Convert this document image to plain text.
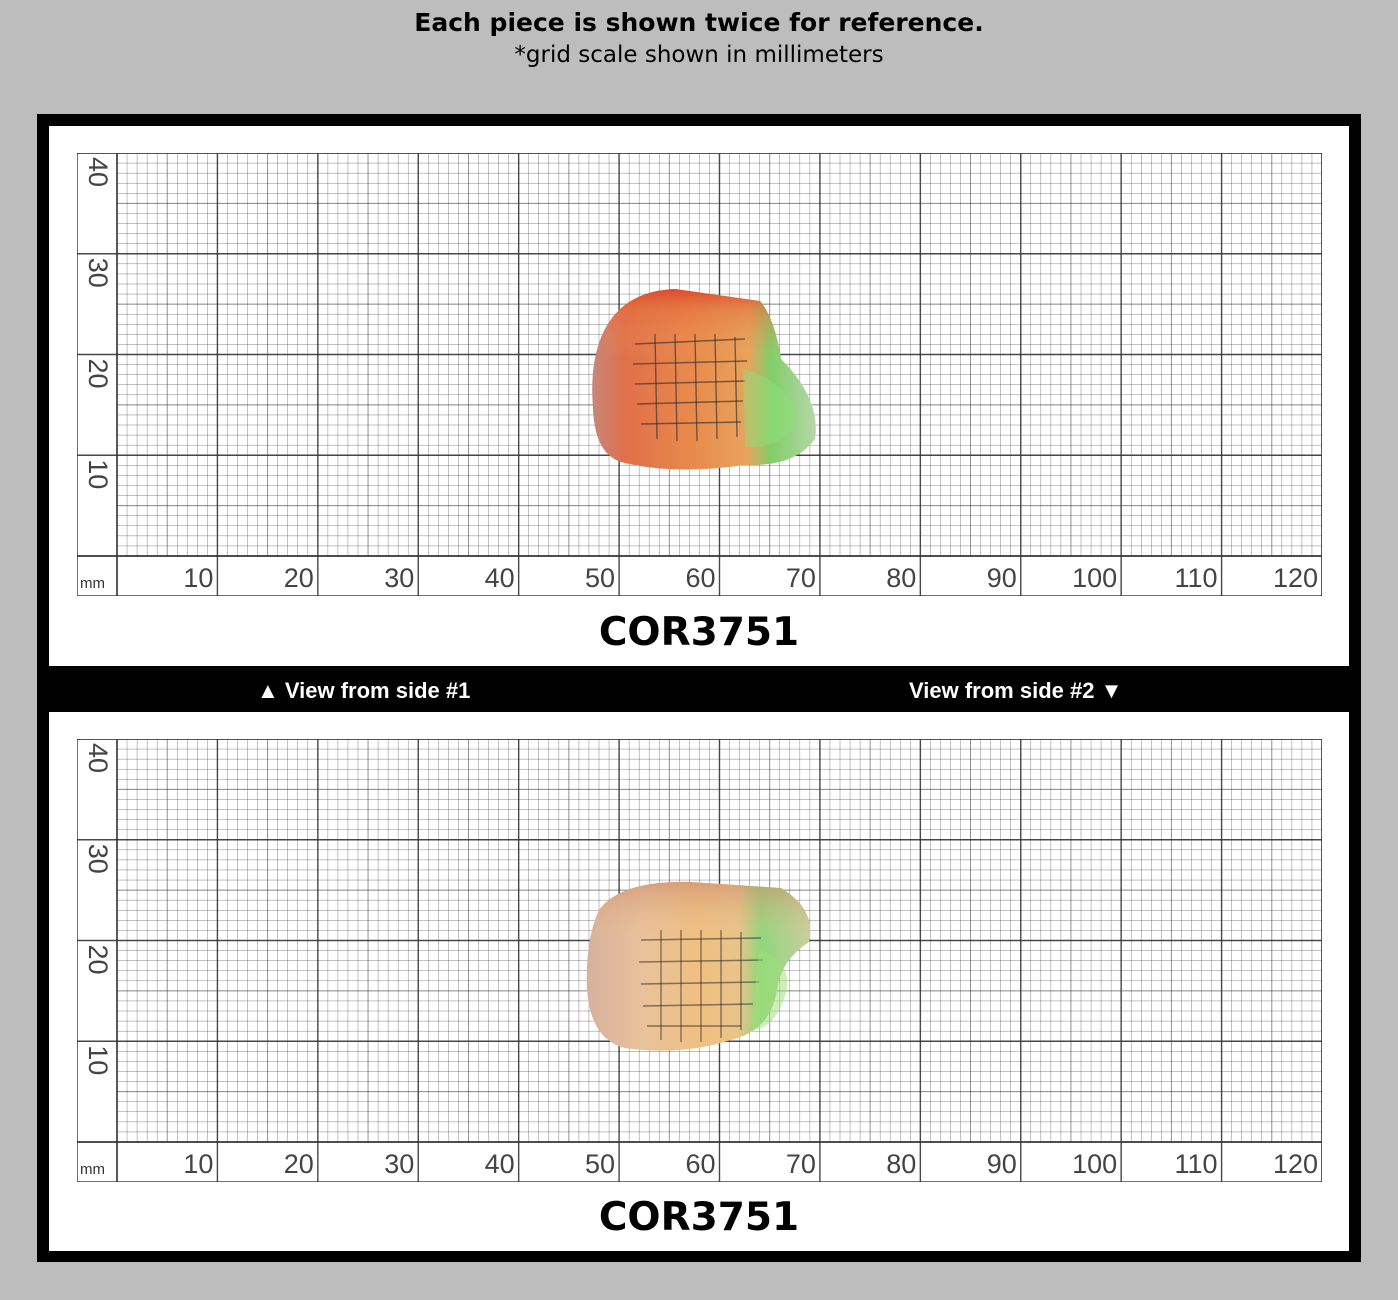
Each piece is shown twice for reference.
*grid scale shown in millimeters
mm	10	20	30	40	50	60	70	80	90 100 110 120
10
20
30
40
COR3751
▲ View from side #1	View from side #2 ▼
mm	10	20	30	40	50	60	70	80	90 100 110 120
10
20
30
40
COR3751
